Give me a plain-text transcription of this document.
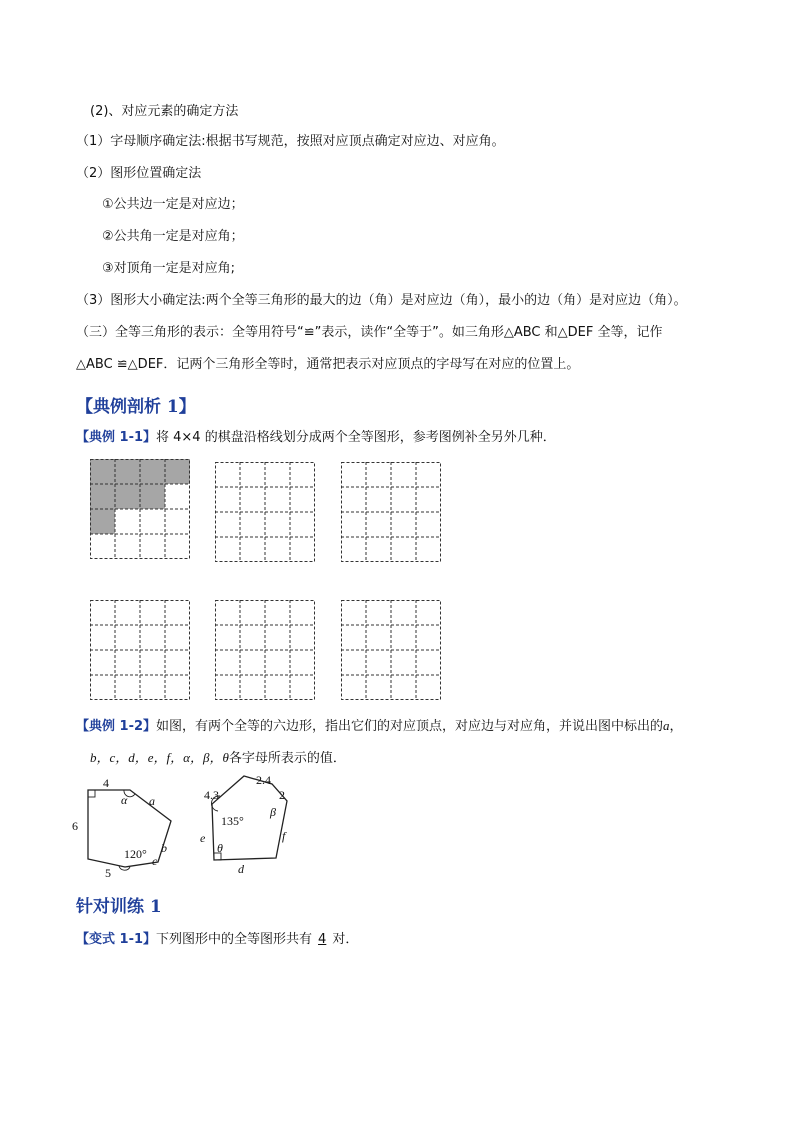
(2)、对应元素的确定方法
（1）字母顺序确定法:根据书写规范，按照对应顶点确定对应边、对应角。
（2）图形位置确定法
①公共边一定是对应边；
②公共角一定是对应角；
③对顶角一定是对应角;
（3）图形大小确定法:两个全等三角形的最大的边（角）是对应边（角），最小的边（角）是对应边（角）。
（三）全等三角形的表示：全等用符号“≌”表示，读作“全等于”。如三角形△ABC 和△DEF 全等，记作
△ABC ≌△DEF．记两个三角形全等时，通常把表示对应顶点的字母写在对应的位置上。
【典例剖析 1】
【典例 1-1】将 4×4 的棋盘沿格线划分成两个全等图形，参考图例补全另外几种．
【典例 1-2】如图，有两个全等的六边形，指出它们的对应顶点，对应边与对应角，并说出图中标出的a，
b，c，d，e，f，α，β，θ各字母所表示的值．
4
6
5
α a
120° b
c
2.4
4.3	2
β
135°
e
θ
f
d
针对训练 1
【变式 1-1】下列图形中的全等图形共有 4 对．
